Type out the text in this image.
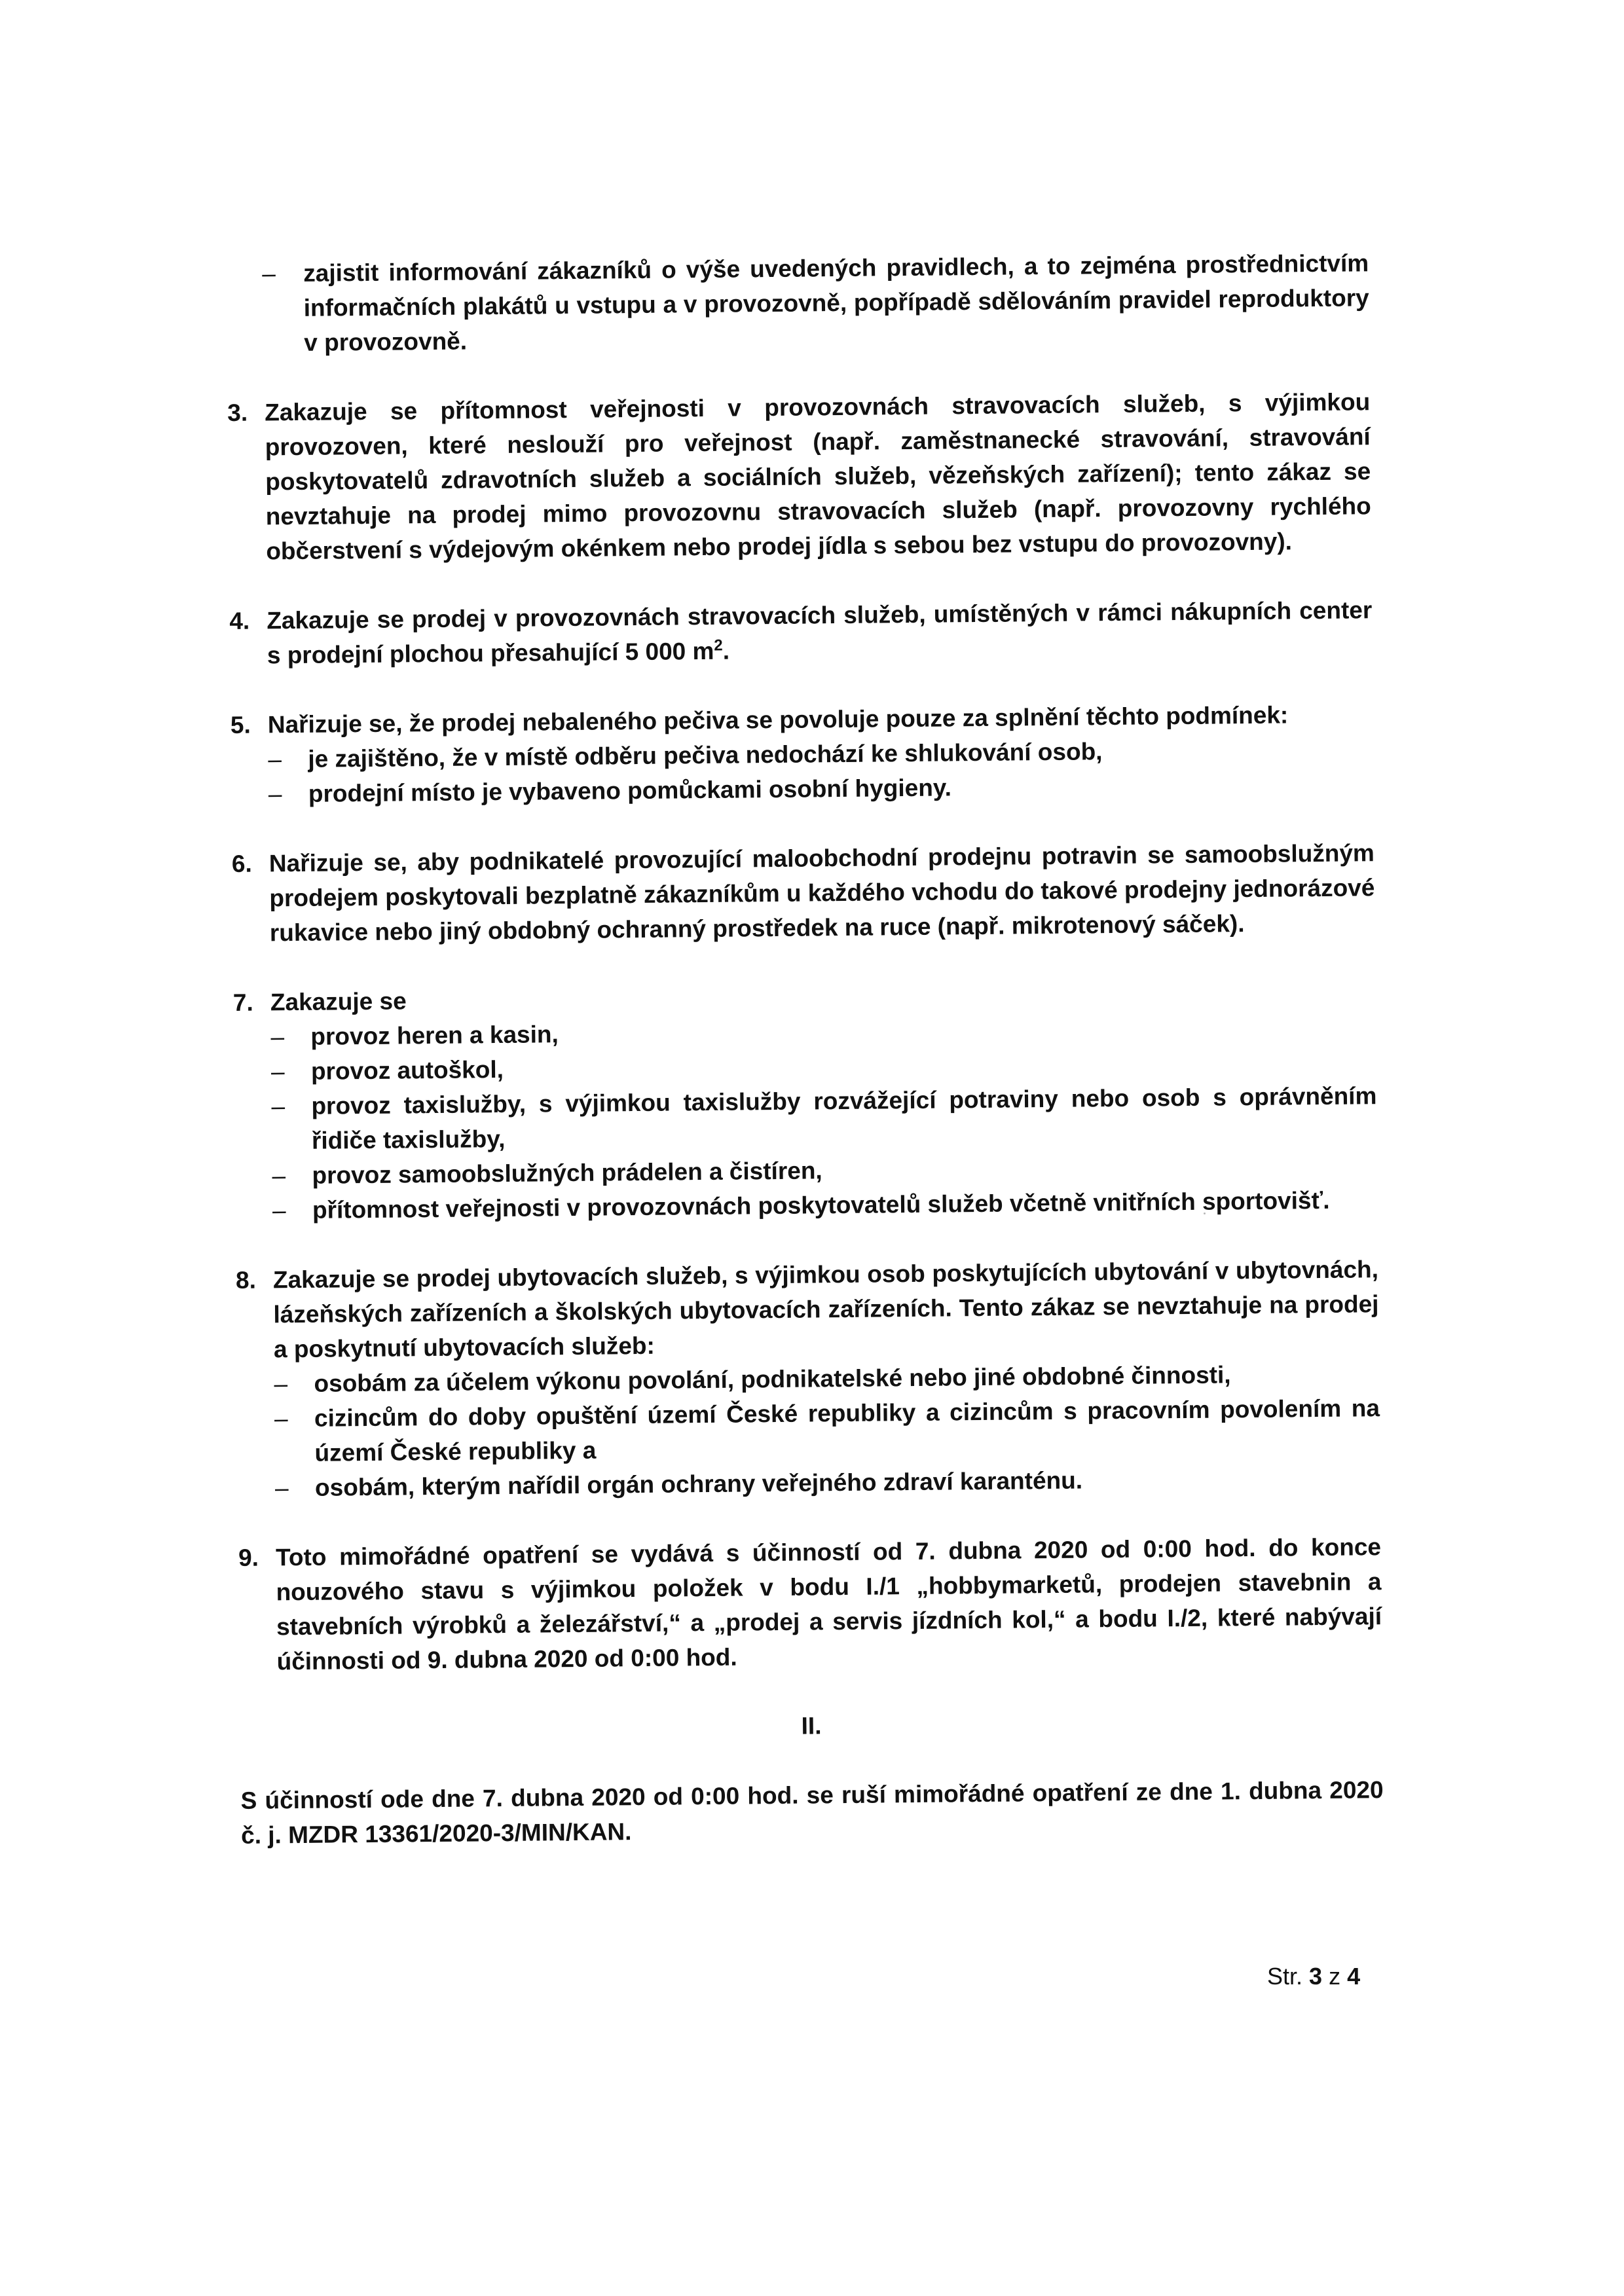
– zajistit informování zákazníků o výše uvedených pravidlech, a to zejména prostřednictvím informačních plakátů u vstupu a v provozovně, popřípadě sdělováním pravidel reproduktory v provozovně.
3. Zakazuje se přítomnost veřejnosti v provozovnách stravovacích služeb, s výjimkou provozoven, které neslouží pro veřejnost (např. zaměstnanecké stravování, stravování poskytovatelů zdravotních služeb a sociálních služeb, vězeňských zařízení); tento zákaz se nevztahuje na prodej mimo provozovnu stravovacích služeb (např. provozovny rychlého občerstvení s výdejovým okénkem nebo prodej jídla s sebou bez vstupu do provozovny).
4. Zakazuje se prodej v provozovnách stravovacích služeb, umístěných v rámci nákupních center s prodejní plochou přesahující 5 000 $m^2$.
5. Nařizuje se, že prodej nebaleného pečiva se povoluje pouze za splnění těchto podmínek:
– je zajištěno, že v místě odběru pečiva nedochází ke shlukování osob,
– prodejní místo je vybaveno pomůckami osobní hygieny.
6. Nařizuje se, aby podnikatelé provozující maloobchodní prodejnu potravin se samoobslužným prodejem poskytovali bezplatně zákazníkům u každého vchodu do takové prodejny jednorázové rukavice nebo jiný obdobný ochranný prostředek na ruce (např. mikrotenový sáček).
7. Zakazuje se
– provoz heren a kasin,
– provoz autoškol,
– provoz taxislužby, s výjimkou taxislužby rozvážející potraviny nebo osob s oprávněním řidiče taxislužby,
– provoz samoobslužných prádelen a čistíren,
– přítomnost veřejnosti v provozovnách poskytovatelů služeb včetně vnitřních sportovišť.
8. Zakazuje se prodej ubytovacích služeb, s výjimkou osob poskytujících ubytování v ubytovnách, lázeňských zařízeních a školských ubytovacích zařízeních. Tento zákaz se nevztahuje na prodej a poskytnutí ubytovacích služeb:
– osobám za účelem výkonu povolání, podnikatelské nebo jiné obdobné činnosti,
– cizincům do doby opuštění území České republiky a cizincům s pracovním povolením na území České republiky a
– osobám, kterým nařídil orgán ochrany veřejného zdraví karanténu.
9. Toto mimořádné opatření se vydává s účinností od 7. dubna 2020 od 0:00 hod. do konce nouzového stavu s výjimkou položek v bodu I./1 „hobbymarketů, prodejen stavebnin a stavebních výrobků a železářství,“ a „prodej a servis jízdních kol,“ a bodu I./2, které nabývají účinnosti od 9. dubna 2020 od 0:00 hod.
II.
S účinností ode dne 7. dubna 2020 od 0:00 hod. se ruší mimořádné opatření ze dne 1. dubna 2020 č. j. MZDR 13361/2020-3/MIN/KAN.
Str. 3 z 4
